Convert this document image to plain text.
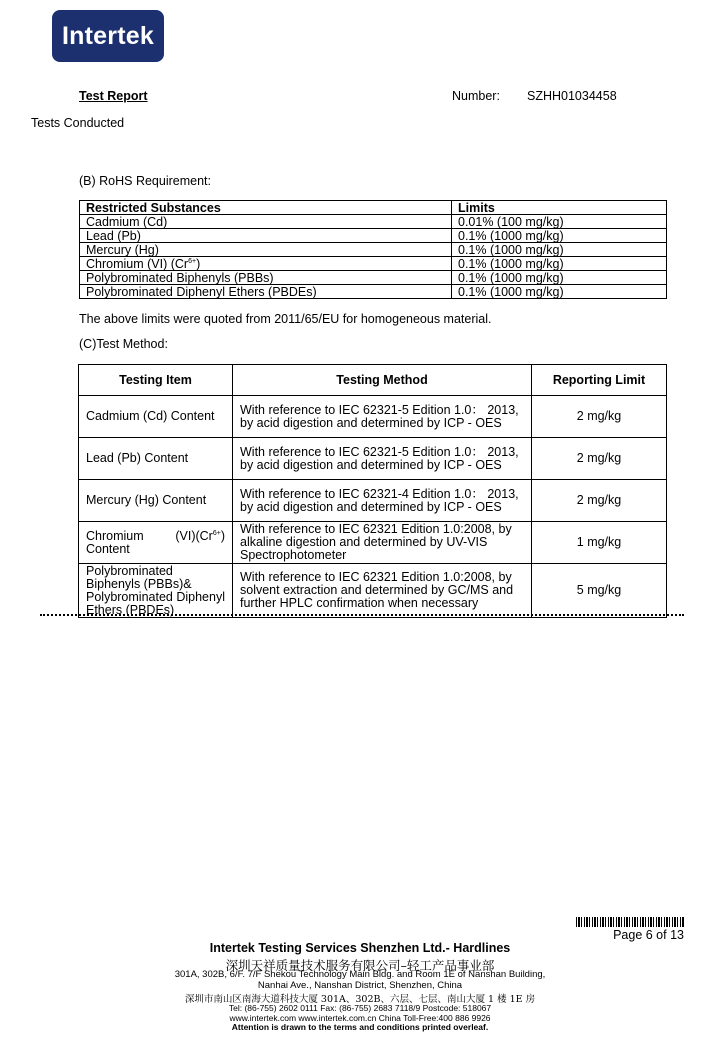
Intertek
Test Report	Number: SZHH01034458
Tests Conducted
(B) RoHS Requirement:
Restricted Substances	Limits
Cadmium (Cd)	0.01% (100 mg/kg)
Lead (Pb)	0.1% (1000 mg/kg)
Mercury (Hg)	0.1% (1000 mg/kg)
Chromium (VI) $(Cr^{6+})$	0.1% (1000 mg/kg)
Polybrominated Biphenyls (PBBs)	0.1% (1000 mg/kg)
Polybrominated Diphenyl Ethers (PBDEs)	0.1% (1000 mg/kg)
The above limits were quoted from 2011/65/EU for homogeneous material.
(C)Test Method:
Testing Item	Testing Method	Reporting Limit
Cadmium (Cd) Content	With reference to IEC 62321-5 Edition 1.0： 2013, by acid digestion and determined by ICP - OES	2 mg/kg
Lead (Pb) Content	With reference to IEC 62321-5 Edition 1.0： 2013, by acid digestion and determined by ICP - OES	2 mg/kg
Mercury (Hg) Content	With reference to IEC 62321-4 Edition 1.0： 2013, by acid digestion and determined by ICP - OES	2 mg/kg

Chromium $(VI)(Cr^{6+})$
Content	With reference to IEC 62321 Edition 1.0:2008, by alkaline digestion and determined by UV-VIS Spectrophotometer	1 mg/kg
Polybrominated Biphenyls (PBBs)& Polybrominated Diphenyl Ethers (PBDEs)	With reference to IEC 62321 Edition 1.0:2008, by solvent extraction and determined by GC/MS and further HPLC confirmation when necessary	5 mg/kg
Page 6 of 13
Intertek Testing Services Shenzhen Ltd.- Hardlines
深圳天祥质量技术服务有限公司–轻工产品事业部
301A, 302B, 6/F. 7/F Shekou Technology Main Bldg. and Room 1E of Nanshan Building,
Nanhai Ave., Nanshan District, Shenzhen, China
深圳市南山区南海大道科技大厦 301A、302B、六层、七层、南山大厦 1 楼 1E 房
Tel: (86-755) 2602 0111 Fax: (86-755) 2683 7118/9 Postcode: 518067
www.intertek.com www.intertek.com.cn China Toll-Free:400 886 9926
Attention is drawn to the terms and conditions printed overleaf.
